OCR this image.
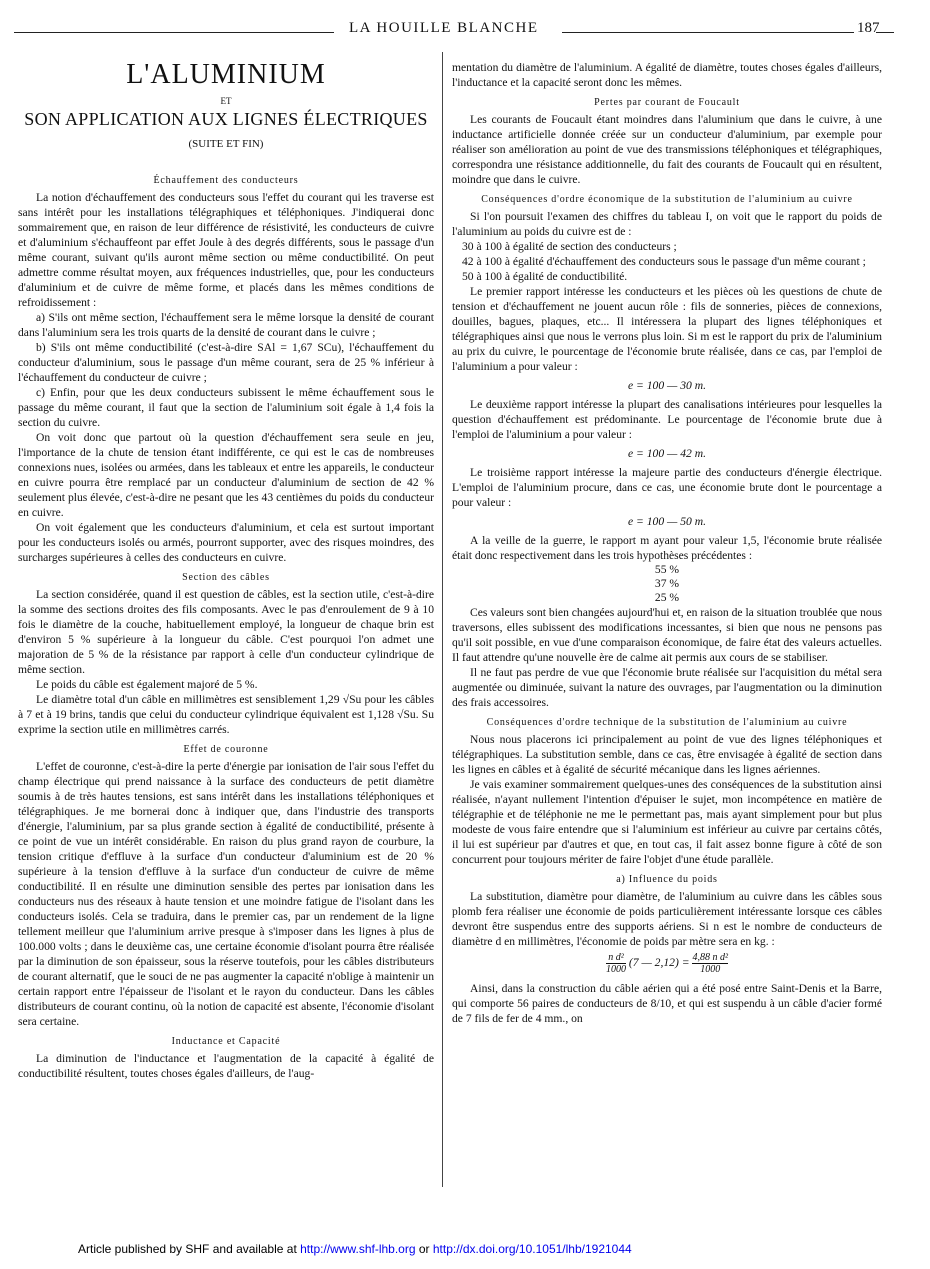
LA HOUILLE BLANCHE	187
L'ALUMINIUM
ET
SON APPLICATION AUX LIGNES ÉLECTRIQUES
(SUITE ET FIN)
Échauffement des conducteurs

La notion d'échauffement des conducteurs sous l'effet du courant qui les traverse est sans intérêt pour les installations télégraphiques et téléphoniques. J'indiquerai donc sommairement que, en raison de leur différence de résistivité, les conducteurs de cuivre et d'aluminium s'échauffeont par effet Joule à des degrés différents, sous le passage d'un même courant, suivant qu'ils auront même section ou même conductibilité. On peut admettre comme résultat moyen, aux fréquences industrielles, que, pour les conducteurs d'aluminium et de cuivre de même forme, et placés dans les mêmes conditions de refroidissement :

a) S'ils ont même section, l'échauffement sera le même lorsque la densité de courant dans l'aluminium sera les trois quarts de la densité de courant dans le cuivre ;

b) S'ils ont même conductibilité (c'est-à-dire SAl = 1,67 SCu), l'échauffement du conducteur d'aluminium, sous le passage d'un même courant, sera de 25 % inférieur à l'échauffement du conducteur de cuivre ;

c) Enfin, pour que les deux conducteurs subissent le même échauffement sous le passage du même courant, il faut que la section de l'aluminium soit égale à 1,4 fois la section du cuivre.

On voit donc que partout où la question d'échauffement sera seule en jeu, l'importance de la chute de tension étant indifférente, ce qui est le cas de nombreuses connexions nues, isolées ou armées, dans les tableaux et entre les appareils, le conducteur en cuivre pourra être remplacé par un conducteur d'aluminium de section de 42 % seulement plus élevée, c'est-à-dire ne pesant que les 43 centièmes du poids du conducteur en cuivre.

On voit également que les conducteurs d'aluminium, et cela est surtout important pour les conducteurs isolés ou armés, pourront supporter, avec des risques moindres, des surcharges supérieures à celles des conducteurs en cuivre.

Section des câbles

La section considérée, quand il est question de câbles, est la section utile, c'est-à-dire la somme des sections droites des fils composants. Avec le pas d'enroulement de 9 à 10 fois le diamètre de la couche, habituellement employé, la longueur de chaque brin est d'environ 5 % supérieure à la longueur du câble. C'est pourquoi l'on admet une majoration de 5 % de la résistance par rapport à celle d'un conducteur cylindrique de même section.

Le poids du câble est également majoré de 5 %.

Le diamètre total d'un câble en millimètres est sensiblement 1,29 √Su pour les câbles à 7 et à 19 brins, tandis que celui du conducteur cylindrique équivalent est 1,128 √Su. Su exprime la section utile en millimètres carrés.

Effet de couronne

L'effet de couronne, c'est-à-dire la perte d'énergie par ionisation de l'air sous l'effet du champ électrique qui prend naissance à la surface des conducteurs de petit diamètre soumis à de très hautes tensions, est sans intérêt dans les installations téléphoniques et télégraphiques. Je me bornerai donc à indiquer que, dans l'industrie des transports d'énergie, l'aluminium, par sa plus grande section à égalité de conductibilité, présente à ce point de vue un intérêt considérable. En raison du plus grand rayon de courbure, la tension critique d'effluve à la surface d'un conducteur d'aluminium est de 20 % supérieure à la tension d'effluve à la surface d'un conducteur de cuivre de même conductibilité. Il en résulte une diminution sensible des pertes par ionisation dans les conducteurs nus des réseaux à haute tension et une moindre fatigue de l'isolant dans les conducteurs isolés. Cela se traduira, dans le premier cas, par un rendement de la ligne tellement meilleur que l'aluminium arrive presque à s'imposer dans les lignes à plus de 100.000 volts ; dans le deuxième cas, une certaine économie d'isolant pourra être réalisée par la diminution de son épaisseur, sous la réserve toutefois, pour les câbles distributeurs de courant alternatif, que le souci de ne pas augmenter la capacité n'oblige à maintenir un certain rapport entre l'épaisseur de l'isolant et le rayon du conducteur. Dans les câbles distributeurs de courant continu, où la notion de capacité est absente, l'économie d'isolant sera certaine.

Inductance et Capacité

La diminution de l'inductance et l'augmentation de la capacité à égalité de conductibilité résultent, toutes choses égales d'ailleurs, de l'aug-

mentation du diamètre de l'aluminium. A égalité de diamètre, toutes choses égales d'ailleurs, l'inductance et la capacité seront donc les mêmes.

Pertes par courant de Foucault

Les courants de Foucault étant moindres dans l'aluminium que dans le cuivre, à une inductance artificielle donnée créée sur un conducteur d'aluminium, par exemple pour réaliser son amélioration au point de vue des transmissions téléphoniques et télégraphiques, correspondra une résistance additionnelle, du fait des courants de Foucault qui en résultent, moindre que dans le cuivre.

Conséquences d'ordre économique de la substitution de l'aluminium au cuivre

Si l'on poursuit l'examen des chiffres du tableau I, on voit que le rapport du poids de l'aluminium au poids du cuivre est de :

30 à 100 à égalité de section des conducteurs ;
42 à 100 à égalité d'échauffement des conducteurs sous le passage d'un même courant ;
50 à 100 à égalité de conductibilité.

Le premier rapport intéresse les conducteurs et les pièces où les questions de chute de tension et d'échauffement ne jouent aucun rôle : fils de sonneries, pièces de connexions, douilles, bagues, plaques, etc... Il intéressera la plupart des lignes téléphoniques et télégraphiques ainsi que nous le verrons plus loin. Si m est le rapport du prix de l'aluminium au prix du cuivre, le pourcentage de l'économie brute réalisée, dans ce cas, par l'emploi de l'aluminium a pour valeur :

e = 100 — 30 m.

Le deuxième rapport intéresse la plupart des canalisations intérieures pour lesquelles la question d'échauffement est prédominante. Le pourcentage de l'économie brute due à l'emploi de l'aluminium a pour valeur :

e = 100 — 42 m.

Le troisième rapport intéresse la majeure partie des conducteurs d'énergie électrique. L'emploi de l'aluminium procure, dans ce cas, une économie brute dont le pourcentage a pour valeur :

e = 100 — 50 m.

A la veille de la guerre, le rapport m ayant pour valeur 1,5, l'économie brute réalisée était donc respectivement dans les trois hypothèses précédentes :

55 %
37 %
25 %

Ces valeurs sont bien changées aujourd'hui et, en raison de la situation troublée que nous traversons, elles subissent des modifications incessantes, si bien que nous ne pensons pas qu'il soit possible, en vue d'une comparaison économique, de faire état des valeurs actuelles. Il faut attendre qu'une nouvelle ère de calme ait permis aux cours de se stabiliser.

Il ne faut pas perdre de vue que l'économie brute réalisée sur l'acquisition du métal sera augmentée ou diminuée, suivant la nature des ouvrages, par l'augmentation ou la diminution des frais accessoires.

Conséquences d'ordre technique de la substitution de l'aluminium au cuivre

Nous nous placerons ici principalement au point de vue des lignes téléphoniques et télégraphiques. La substitution semble, dans ce cas, être envisagée à égalité de section dans les lignes en câbles et à égalité de sécurité mécanique dans les lignes aériennes.

Je vais examiner sommairement quelques-unes des conséquences de la substitution ainsi réalisée, n'ayant nullement l'intention d'épuiser le sujet, mon incompétence en matière de télégraphie et de téléphonie ne me le permettant pas, mais ayant simplement pour but plus modeste de vous faire entendre que si l'aluminium est inférieur au cuivre par certains côtés, il lui est supérieur par d'autres et que, en tout cas, il fait assez bonne figure à côté de son concurrent pour toujours mériter de faire l'objet d'une étude parallèle.

a) Influence du poids

La substitution, diamètre pour diamètre, de l'aluminium au cuivre dans les câbles sous plomb fera réaliser une économie de poids particulièrement intéressante lorsque ces câbles devront être suspendus entre des supports aériens. Si n est le nombre de conducteurs de diamètre d en millimètres, l'économie de poids par mètre sera en kg. :

$\frac{\text{n d²}}{1000} (7$ — $2,12) = \frac{\text{4,88 n d²}}{1000}$

Ainsi, dans la construction du câble aérien qui a été posé entre Saint-Denis et la Barre, qui comporte 56 paires de conducteurs de 8/10, et qui est suspendu à un câble d'acier formé de 7 fils de fer de 4 mm., on

Article published by SHF and available at http://www.shf-lhb.org or http://dx.doi.org/10.1051/lhb/1921044
